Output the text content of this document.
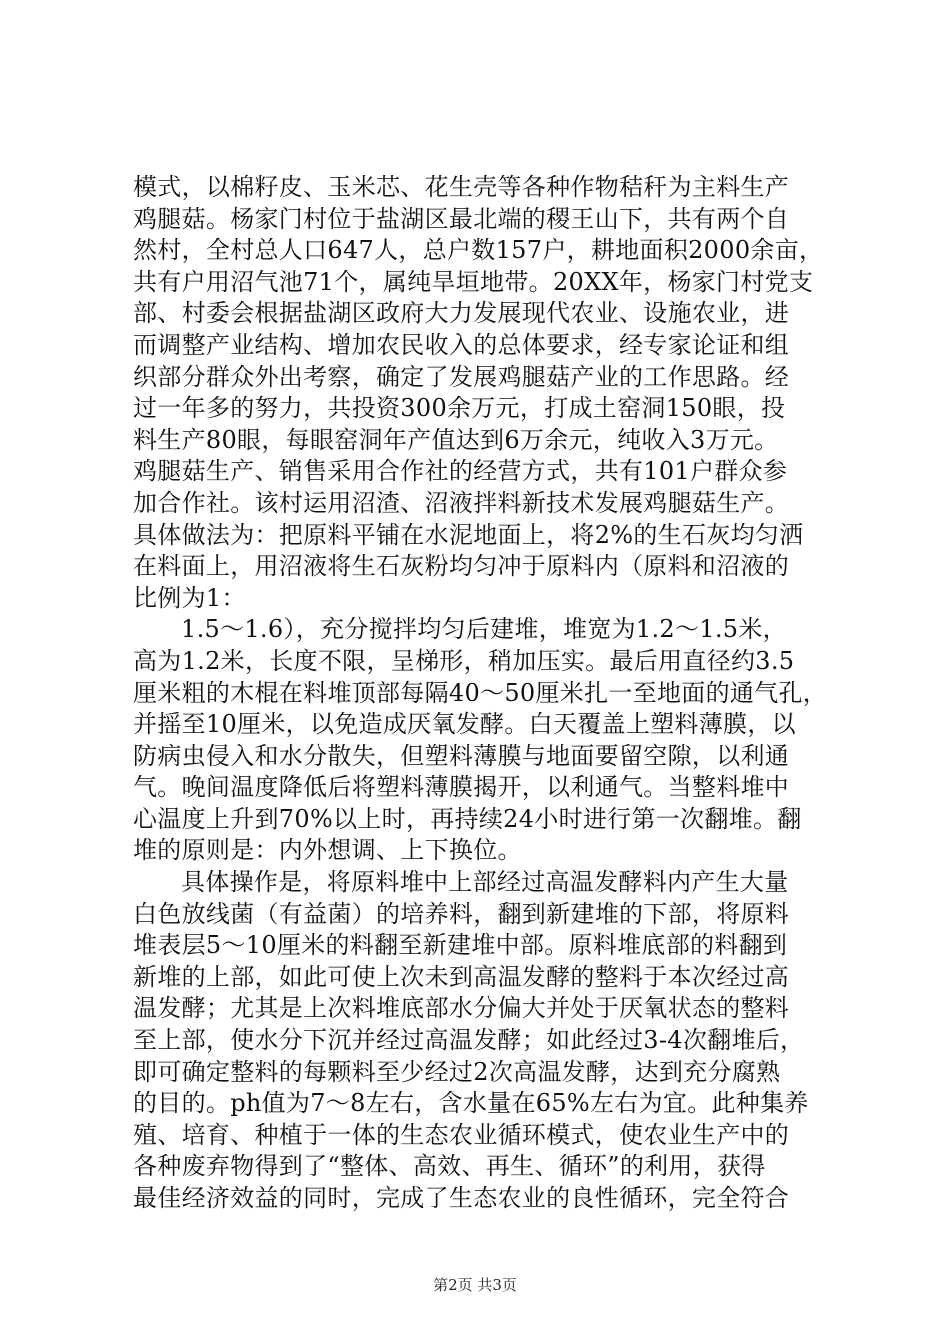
模式，以棉籽皮、玉米芯、花生壳等各种作物秸秆为主料生产
鸡腿菇。杨家门村位于盐湖区最北端的稷王山下，共有两个自
然村，全村总人口647人，总户数157户，耕地面积2000余亩，
共有户用沼气池71个，属纯旱垣地带。20XX年，杨家门村党支
部、村委会根据盐湖区政府大力发展现代农业、设施农业，进
而调整产业结构、增加农民收入的总体要求，经专家论证和组
织部分群众外出考察，确定了发展鸡腿菇产业的工作思路。经
过一年多的努力，共投资300余万元，打成土窑洞150眼，投
料生产80眼，每眼窑洞年产值达到6万余元，纯收入3万元。
鸡腿菇生产、销售采用合作社的经营方式，共有101户群众参
加合作社。该村运用沼渣、沼液拌料新技术发展鸡腿菇生产。
具体做法为：把原料平铺在水泥地面上，将2%的生石灰均匀洒
在料面上，用沼液将生石灰粉均匀冲于原料内（原料和沼液的
比例为1：
1.5～1.6），充分搅拌均匀后建堆，堆宽为1.2～1.5米，
高为1.2米，长度不限，呈梯形，稍加压实。最后用直径约3.5
厘米粗的木棍在料堆顶部每隔40～50厘米扎一至地面的通气孔，
并摇至10厘米，以免造成厌氧发酵。白天覆盖上塑料薄膜，以
防病虫侵入和水分散失，但塑料薄膜与地面要留空隙，以利通
气。晚间温度降低后将塑料薄膜揭开，以利通气。当整料堆中
心温度上升到70%以上时，再持续24小时进行第一次翻堆。翻
堆的原则是：内外想调、上下换位。
具体操作是，将原料堆中上部经过高温发酵料内产生大量
白色放线菌（有益菌）的培养料，翻到新建堆的下部，将原料
堆表层5～10厘米的料翻至新建堆中部。原料堆底部的料翻到
新堆的上部，如此可使上次未到高温发酵的整料于本次经过高
温发酵；尤其是上次料堆底部水分偏大并处于厌氧状态的整料
至上部，使水分下沉并经过高温发酵；如此经过3-4次翻堆后，
即可确定整料的每颗料至少经过2次高温发酵，达到充分腐熟
的目的。ph值为7～8左右，含水量在65%左右为宜。此种集养
殖、培育、种植于一体的生态农业循环模式，使农业生产中的
各种废弃物得到了“整体、高效、再生、循环”的利用，获得
最佳经济效益的同时，完成了生态农业的良性循环，完全符合
第2页 共3页
